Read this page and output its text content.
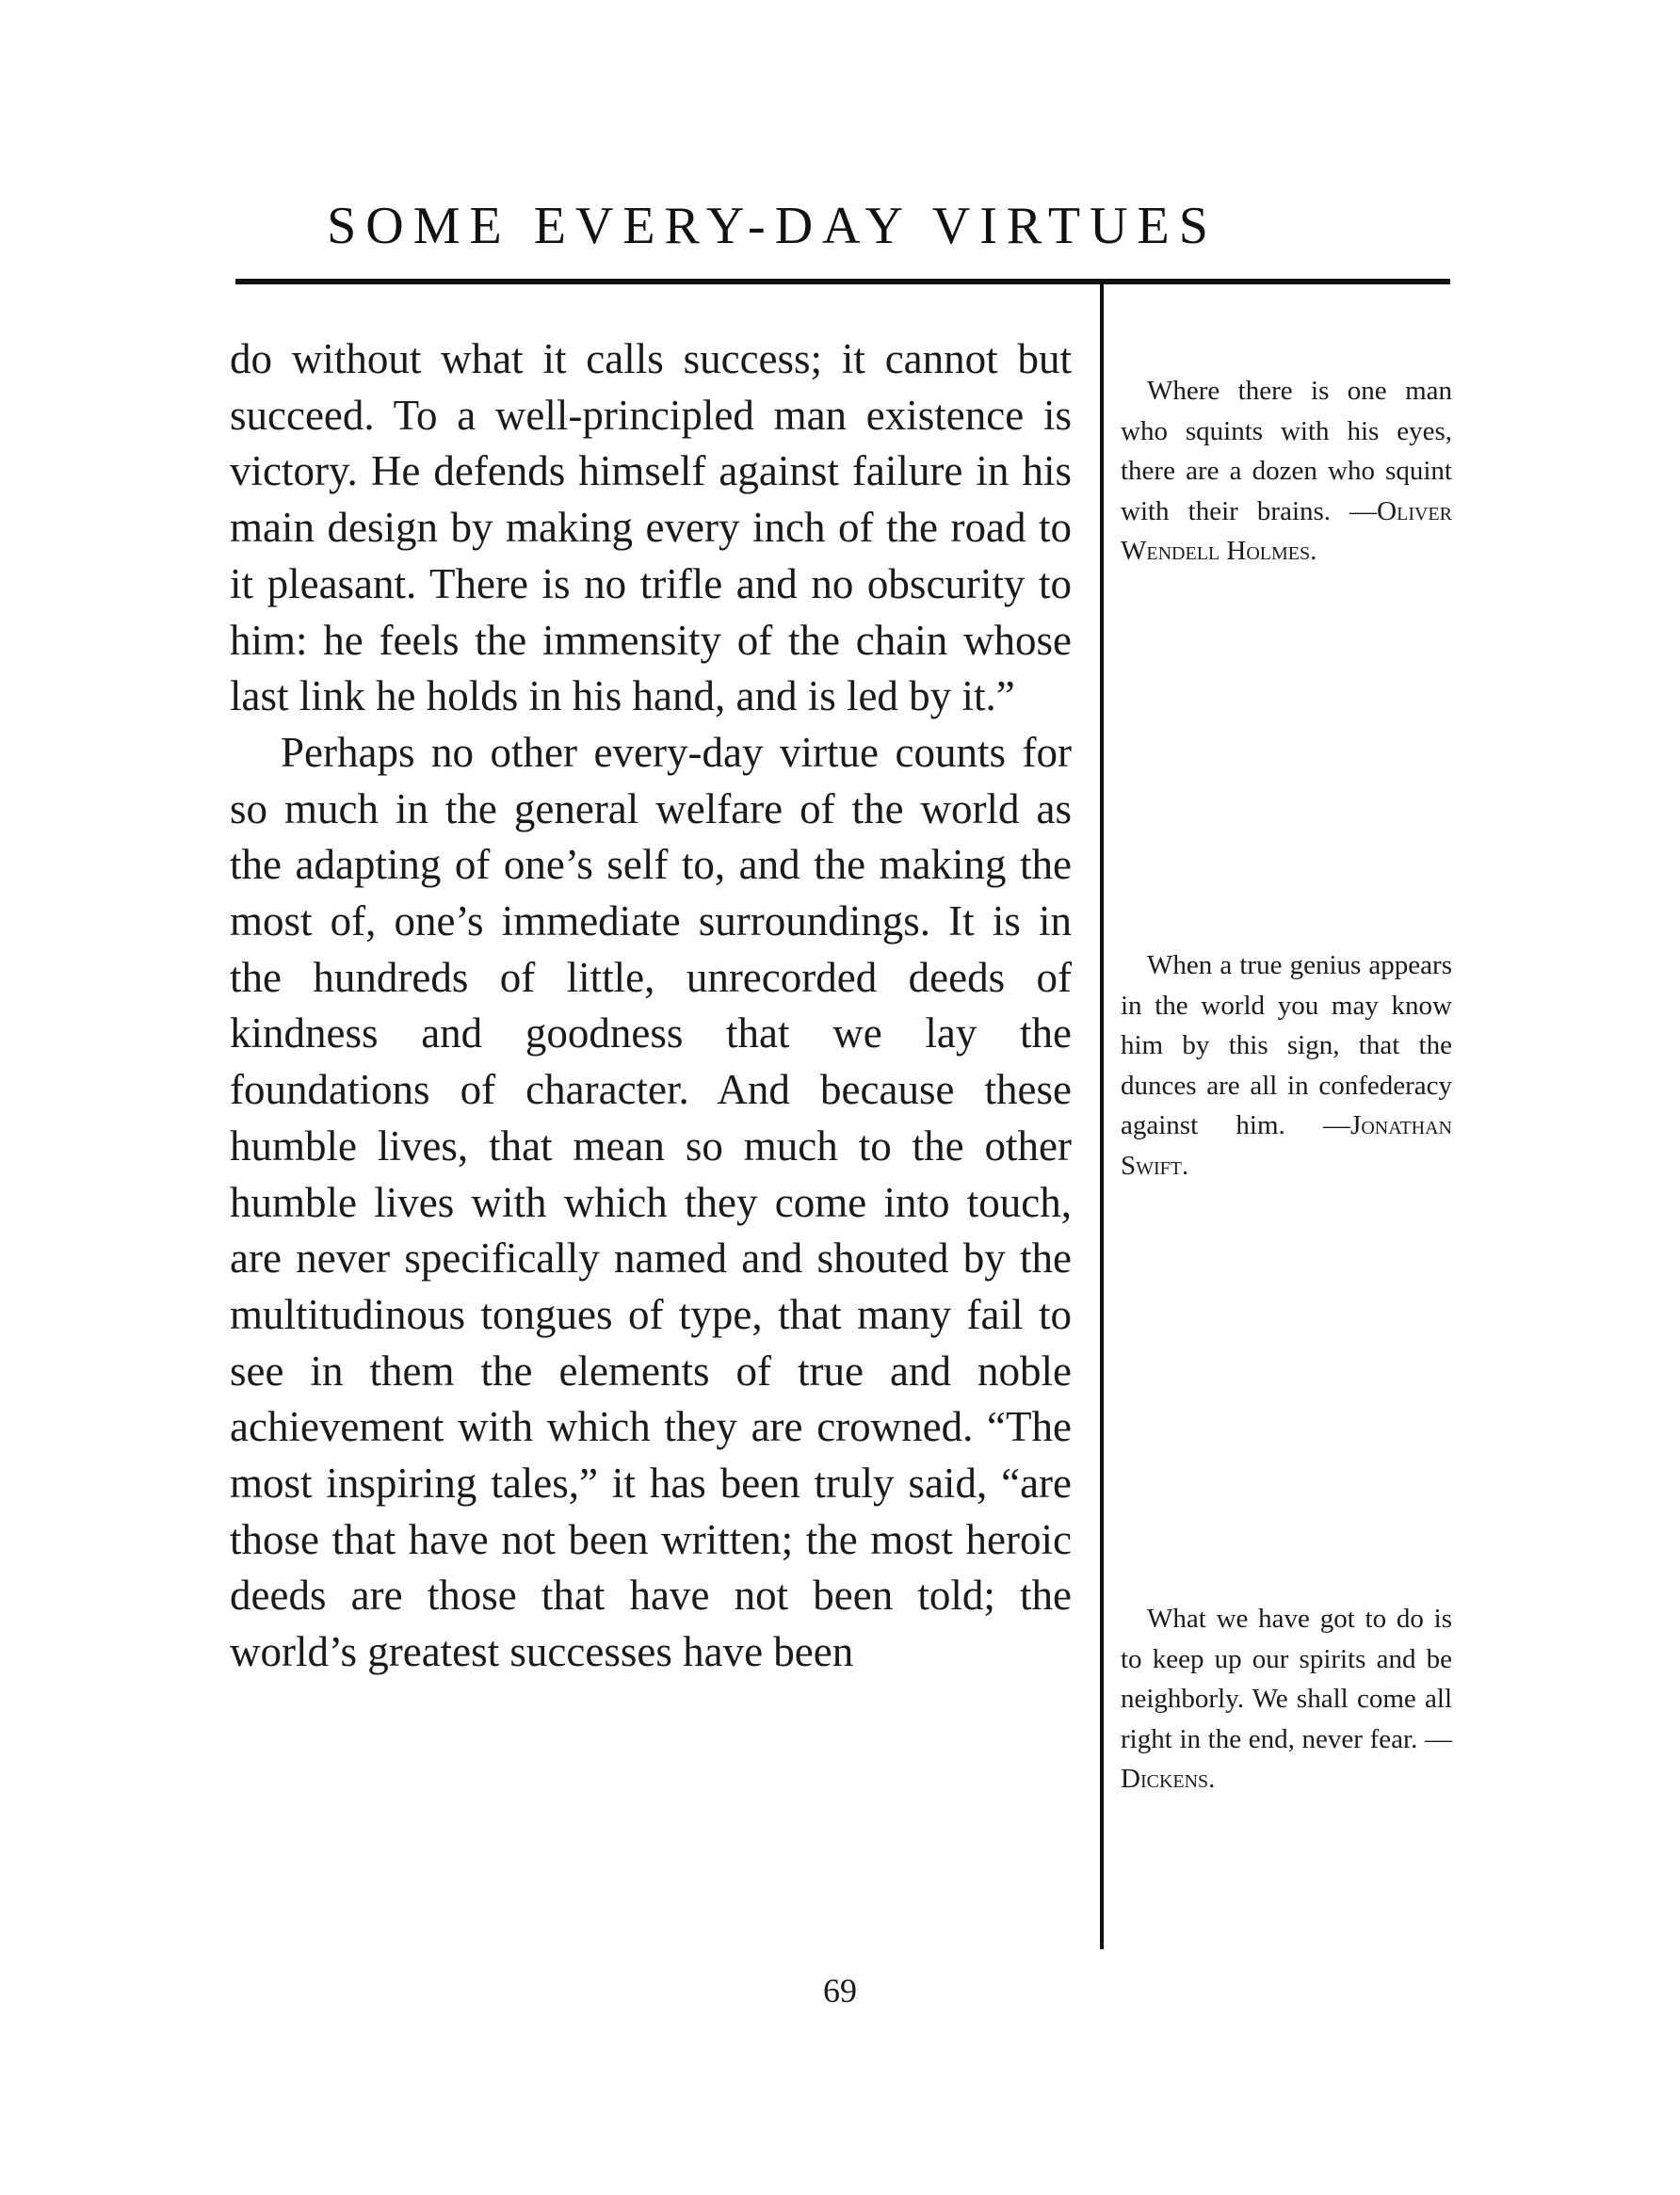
SOME EVERY-DAY VIRTUES

do without what it calls success; it cannot but succeed. To a well-principled man existence is victory. He defends himself against failure in his main design by making every inch of the road to it pleasant. There is no trifle and no obscurity to him: he feels the immensity of the chain whose last link he holds in his hand, and is led by it.”

Perhaps no other every-day virtue counts for so much in the general welfare of the world as the adapting of one’s self to, and the making the most of, one’s immediate surroundings. It is in the hundreds of little, unrecorded deeds of kindness and goodness that we lay the foundations of character. And because these humble lives, that mean so much to the other humble lives with which they come into touch, are never specifically named and shouted by the multitudinous tongues of type, that many fail to see in them the elements of true and noble achievement with which they are crowned. “The most inspiring tales,” it has been truly said, “are those that have not been written; the most heroic deeds are those that have not been told; the world’s greatest successes have been

Where there is one man who squints with his eyes, there are a dozen who squint with their brains. —Oliver Wendell Holmes.

When a true genius appears in the world you may know him by this sign, that the dunces are all in confederacy against him. —Jonathan Swift.

What we have got to do is to keep up our spirits and be neighborly. We shall come all right in the end, never fear. —Dickens.

69
